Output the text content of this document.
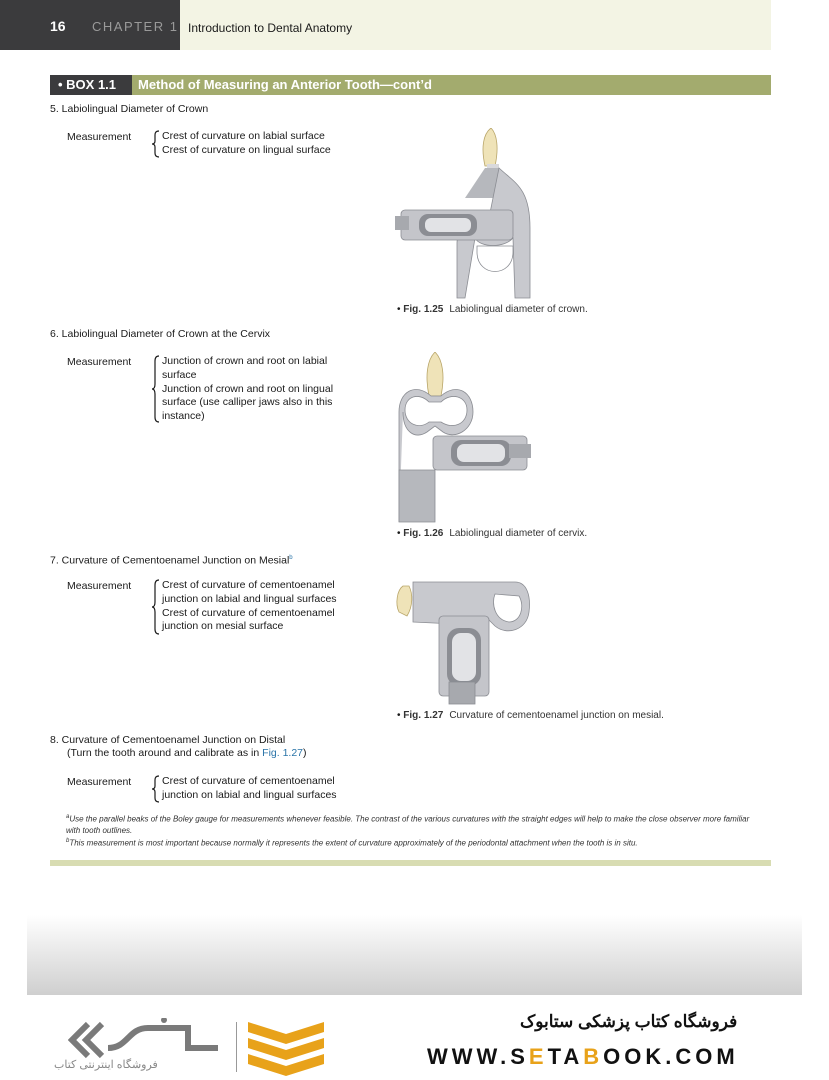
16 CHAPTER 1 Introduction to Dental Anatomy
• BOX 1.1	Method of Measuring an Anterior Tooth—cont’d
5. Labiolingual Diameter of Crown
Measurement	Crest of curvature on labial surface
Crest of curvature on lingual surface
• Fig. 1.25 Labiolingual diameter of crown.
6. Labiolingual Diameter of Crown at the Cervix
Measurement	Junction of crown and root on labial
surface
Junction of crown and root on lingual
surface (use calliper jaws also in this
instance)
• Fig. 1.26 Labiolingual diameter of cervix.
7. Curvature of Cementoenamel Junction on Mesial$^b$
Measurement	Crest of curvature of cementoenamel
junction on labial and lingual surfaces
Crest of curvature of cementoenamel
junction on mesial surface
• Fig. 1.27 Curvature of cementoenamel junction on mesial.
8. Curvature of Cementoenamel Junction on Distal
(Turn the tooth around and calibrate as in Fig. 1.27)
Measurement	Crest of curvature of cementoenamel
junction on labial and lingual surfaces
$^a$Use the parallel beaks of the Boley gauge for measurements whenever feasible. The contrast of the various curvatures with the straight edges will help to make the close observer more familiar with tooth outlines.
$^b$This measurement is most important because normally it represents the extent of curvature approximately of the periodontal attachment when the tooth is in situ.
فروشگاه اینترنتی کتاب
فروشگاه کتاب پزشکی ستابوک
WWW.SETABOOK.COM
